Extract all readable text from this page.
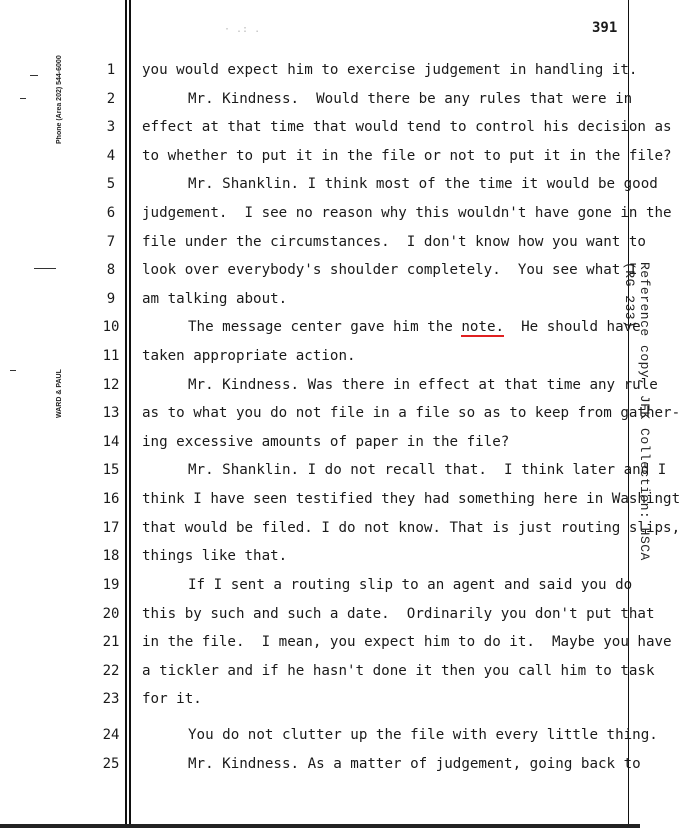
Phone (Area 202) 544-6000
WARD & PAUL	Reference copy, JFK Collection: HSCA (RG 233)
391
· .: .
1	you would expect him to exercise judgement in handling it.
2	Mr. Kindness.  Would there be any rules that were in
3	effect at that time that would tend to control his decision as
4	to whether to put it in the file or not to put it in the file?
5	Mr. Shanklin. I think most of the time it would be good
6	judgement.  I see no reason why this wouldn't have gone in the
7	file under the circumstances.  I don't know how you want to
8	look over everybody's shoulder completely.  You see what I
9	am talking about.
10	The message center gave him the note.  He should have
11	taken appropriate action.
12	Mr. Kindness. Was there in effect at that time any rule
13	as to what you do not file in a file so as to keep from gather-
14	ing excessive amounts of paper in the file?
15	Mr. Shanklin. I do not recall that.  I think later and I
16	think I have seen testified they had something here in Washingt
17	that would be filed. I do not know. That is just routing slips,
18	things like that.
19	If I sent a routing slip to an agent and said you do
20	this by such and such a date.  Ordinarily you don't put that
21	in the file.  I mean, you expect him to do it.  Maybe you have
22	a tickler and if he hasn't done it then you call him to task
23	for it.
24	You do not clutter up the file with every little thing.
25	Mr. Kindness. As a matter of judgement, going back to
